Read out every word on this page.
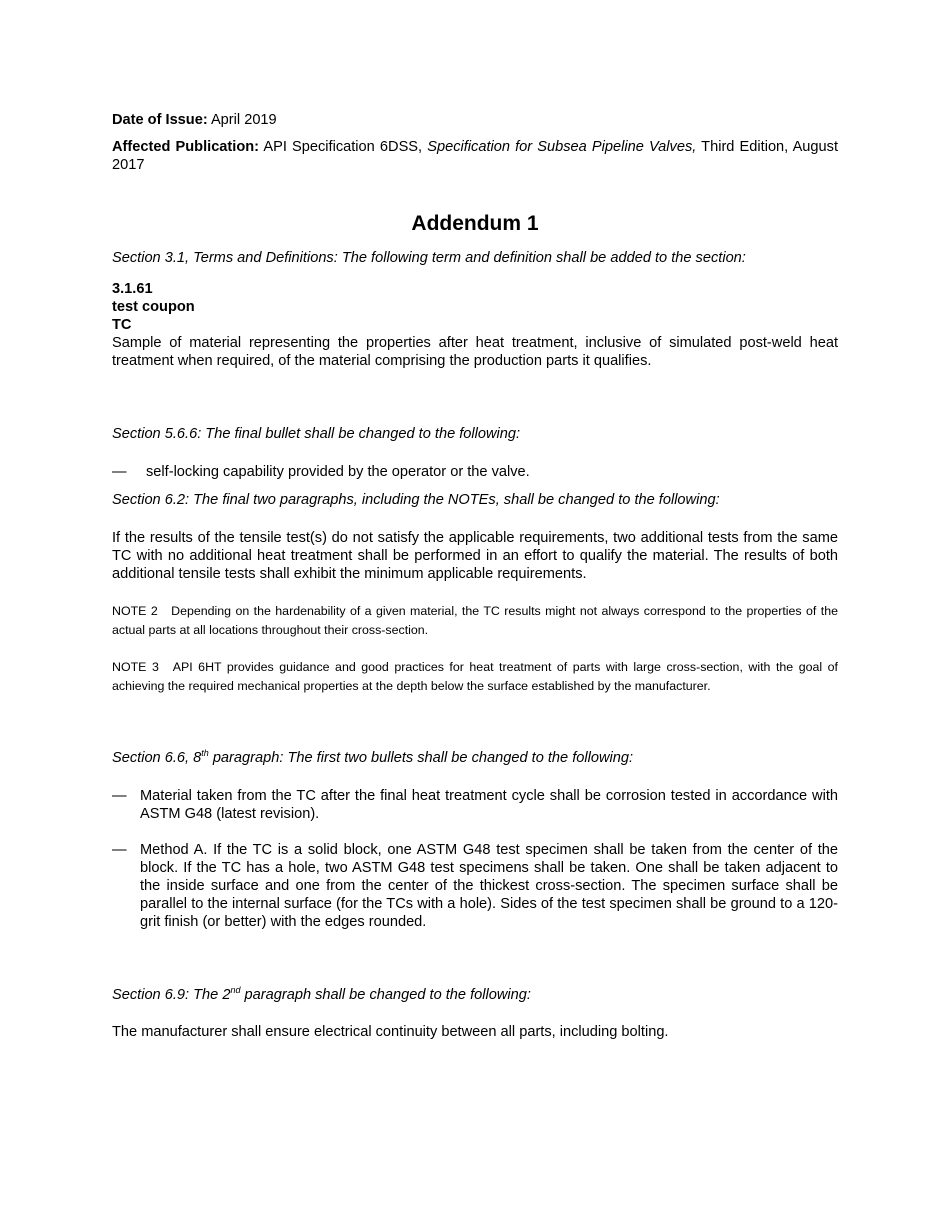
Date of Issue: April 2019

Affected Publication: API Specification 6DSS, Specification for Subsea Pipeline Valves, Third Edition, August 2017

Addendum 1

Section 3.1, Terms and Definitions: The following term and definition shall be added to the section:

3.1.61

test coupon

TC

Sample of material representing the properties after heat treatment, inclusive of simulated post-weld heat treatment when required, of the material comprising the production parts it qualifies.

Section 5.6.6: The final bullet shall be changed to the following:

—	self-locking capability provided by the operator or the valve.

Section 6.2: The final two paragraphs, including the NOTEs, shall be changed to the following:

If the results of the tensile test(s) do not satisfy the applicable requirements, two additional tests from the same TC with no additional heat treatment shall be performed in an effort to qualify the material. The results of both additional tensile tests shall exhibit the minimum applicable requirements.

NOTE 2 Depending on the hardenability of a given material, the TC results might not always correspond to the properties of the actual parts at all locations throughout their cross-section.

NOTE 3 API 6HT provides guidance and good practices for heat treatment of parts with large cross-section, with the goal of achieving the required mechanical properties at the depth below the surface established by the manufacturer.

Section 6.6, 8th paragraph: The first two bullets shall be changed to the following:

— Material taken from the TC after the final heat treatment cycle shall be corrosion tested in accordance with ASTM G48 (latest revision).
— Method A. If the TC is a solid block, one ASTM G48 test specimen shall be taken from the center of the block. If the TC has a hole, two ASTM G48 test specimens shall be taken. One shall be taken adjacent to the inside surface and one from the center of the thickest cross-section. The specimen surface shall be parallel to the internal surface (for the TCs with a hole). Sides of the test specimen shall be ground to a 120-grit finish (or better) with the edges rounded.

Section 6.9: The 2nd paragraph shall be changed to the following:

The manufacturer shall ensure electrical continuity between all parts, including bolting.
